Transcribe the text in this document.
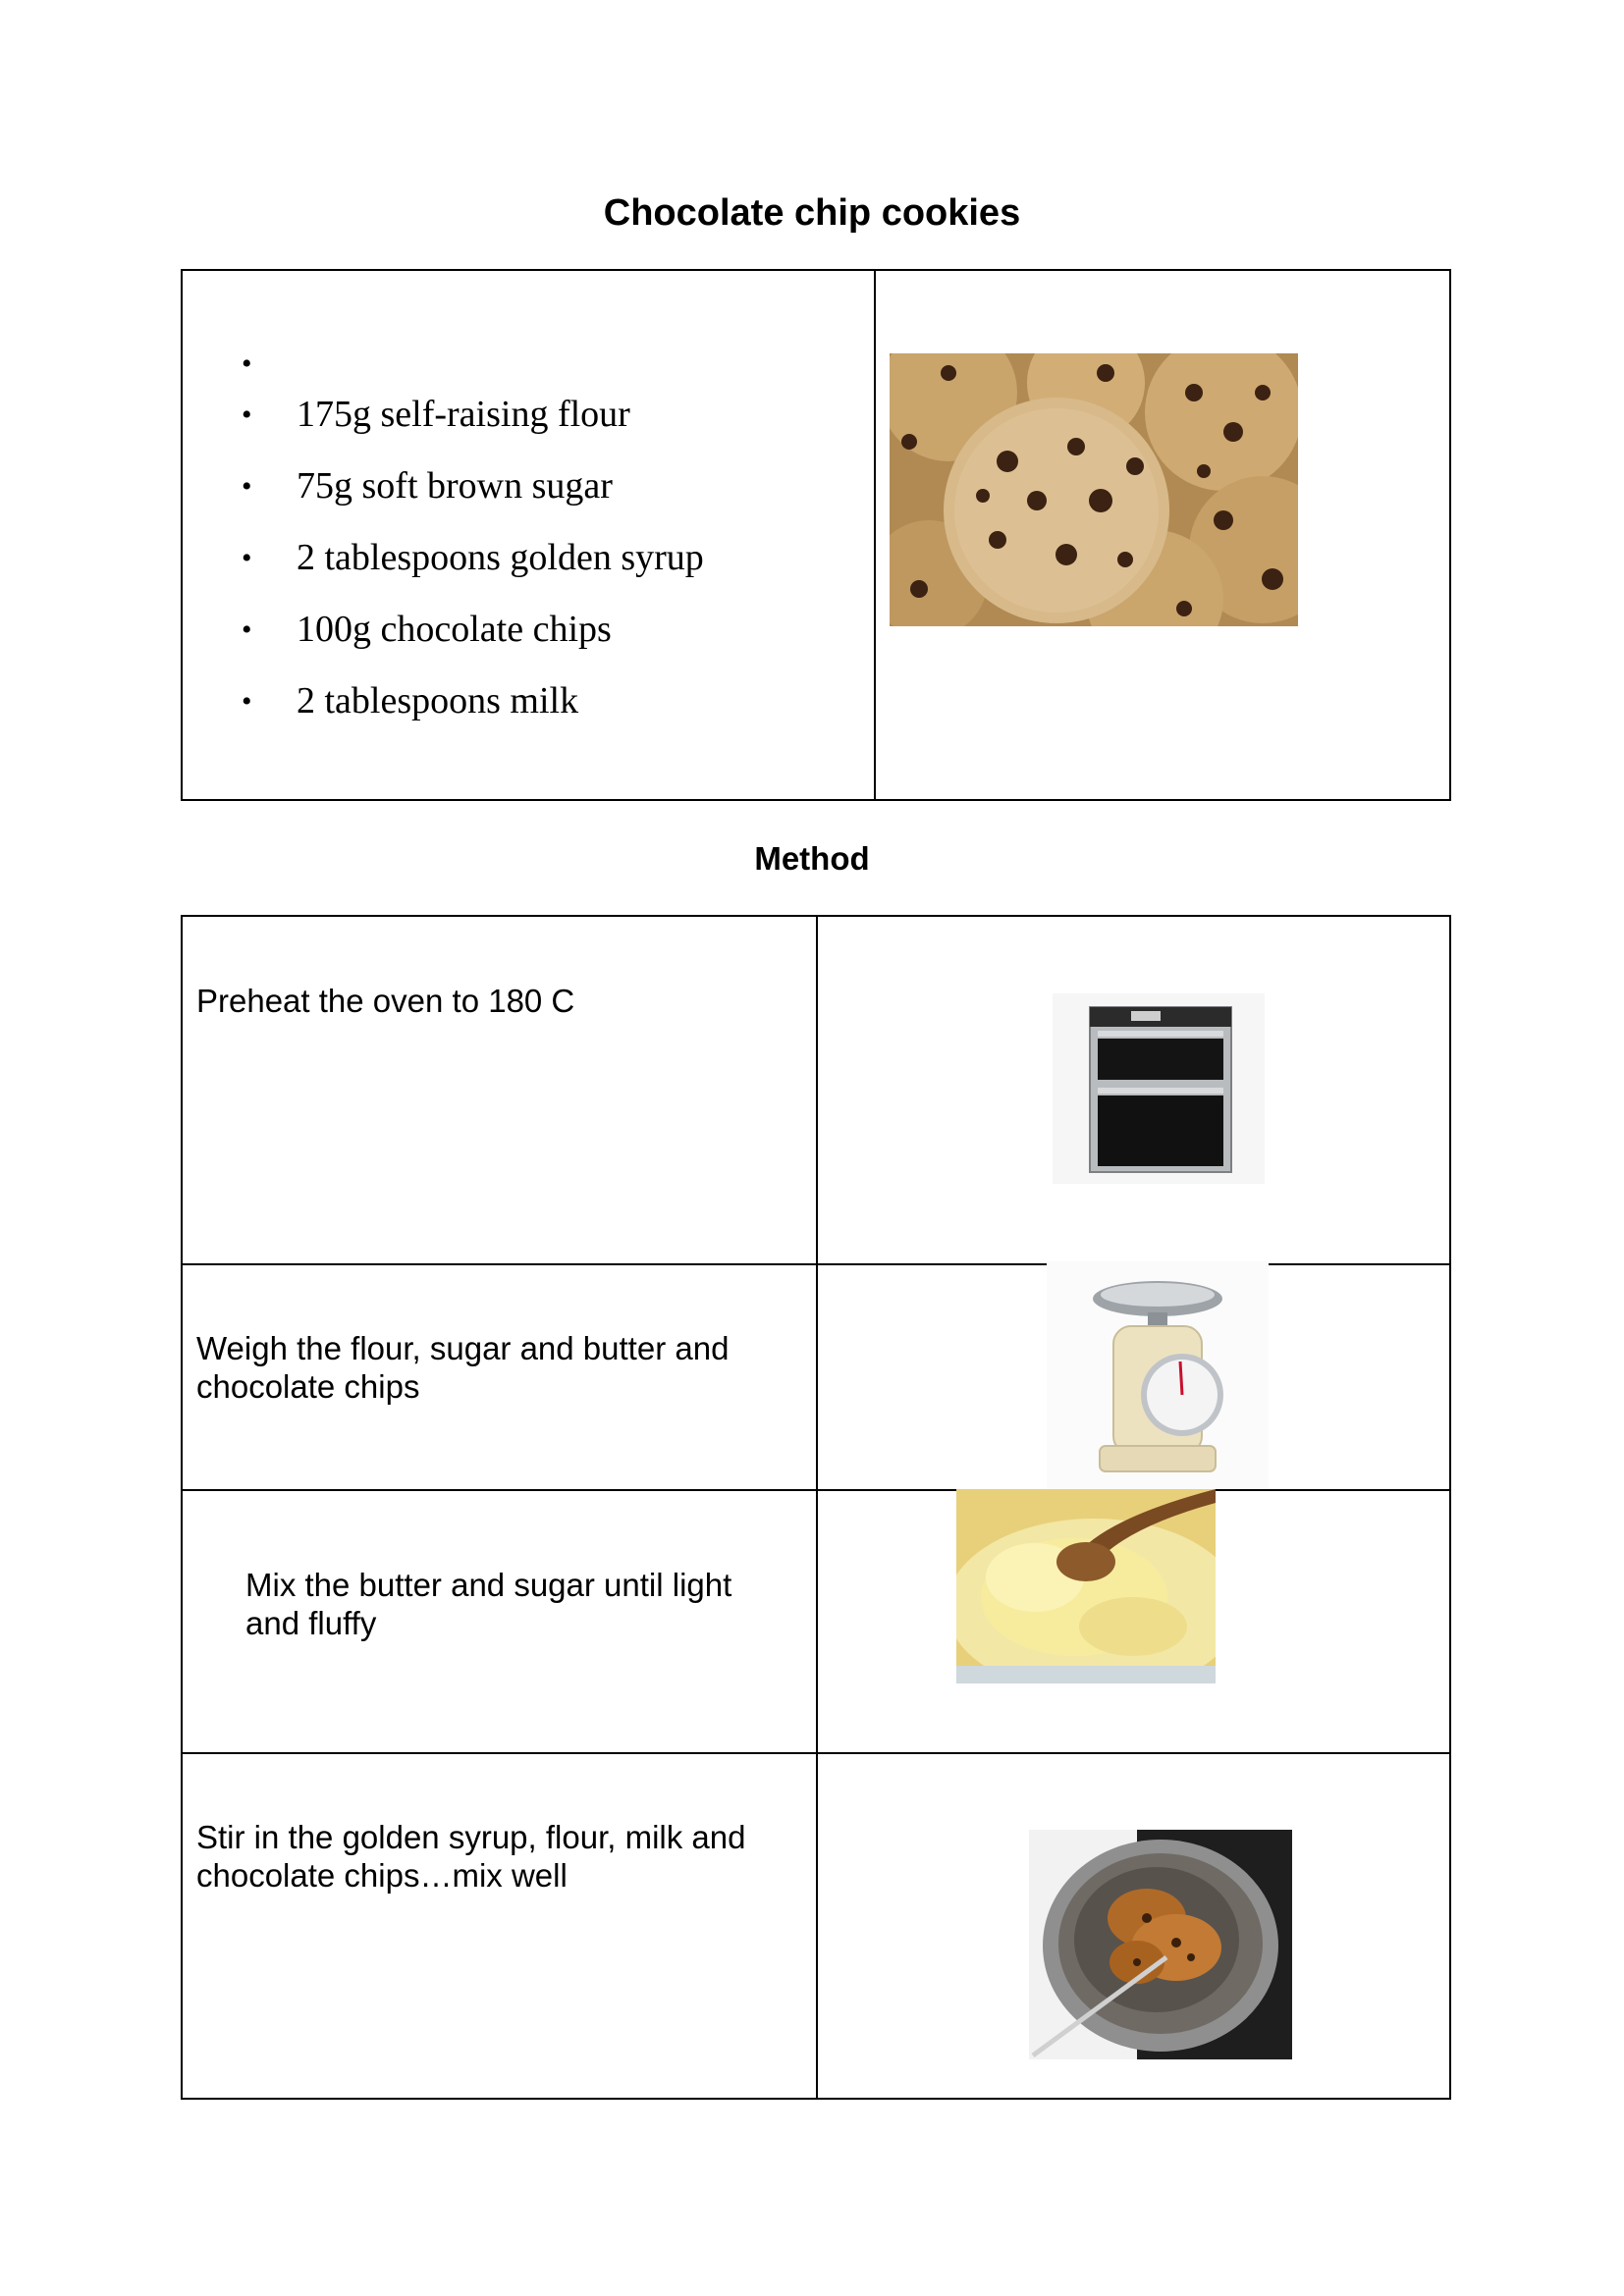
Chocolate chip cookies
•
• 175g self-raising flour
• 75g soft brown sugar
• 2 tablespoons golden syrup
• 100g chocolate chips
• 2 tablespoons milk
Method
Preheat the oven to 180 C
Weigh the flour, sugar and butter and chocolate chips
Mix the butter and sugar until light and fluffy
Stir in the golden syrup, flour, milk and chocolate chips…mix well
